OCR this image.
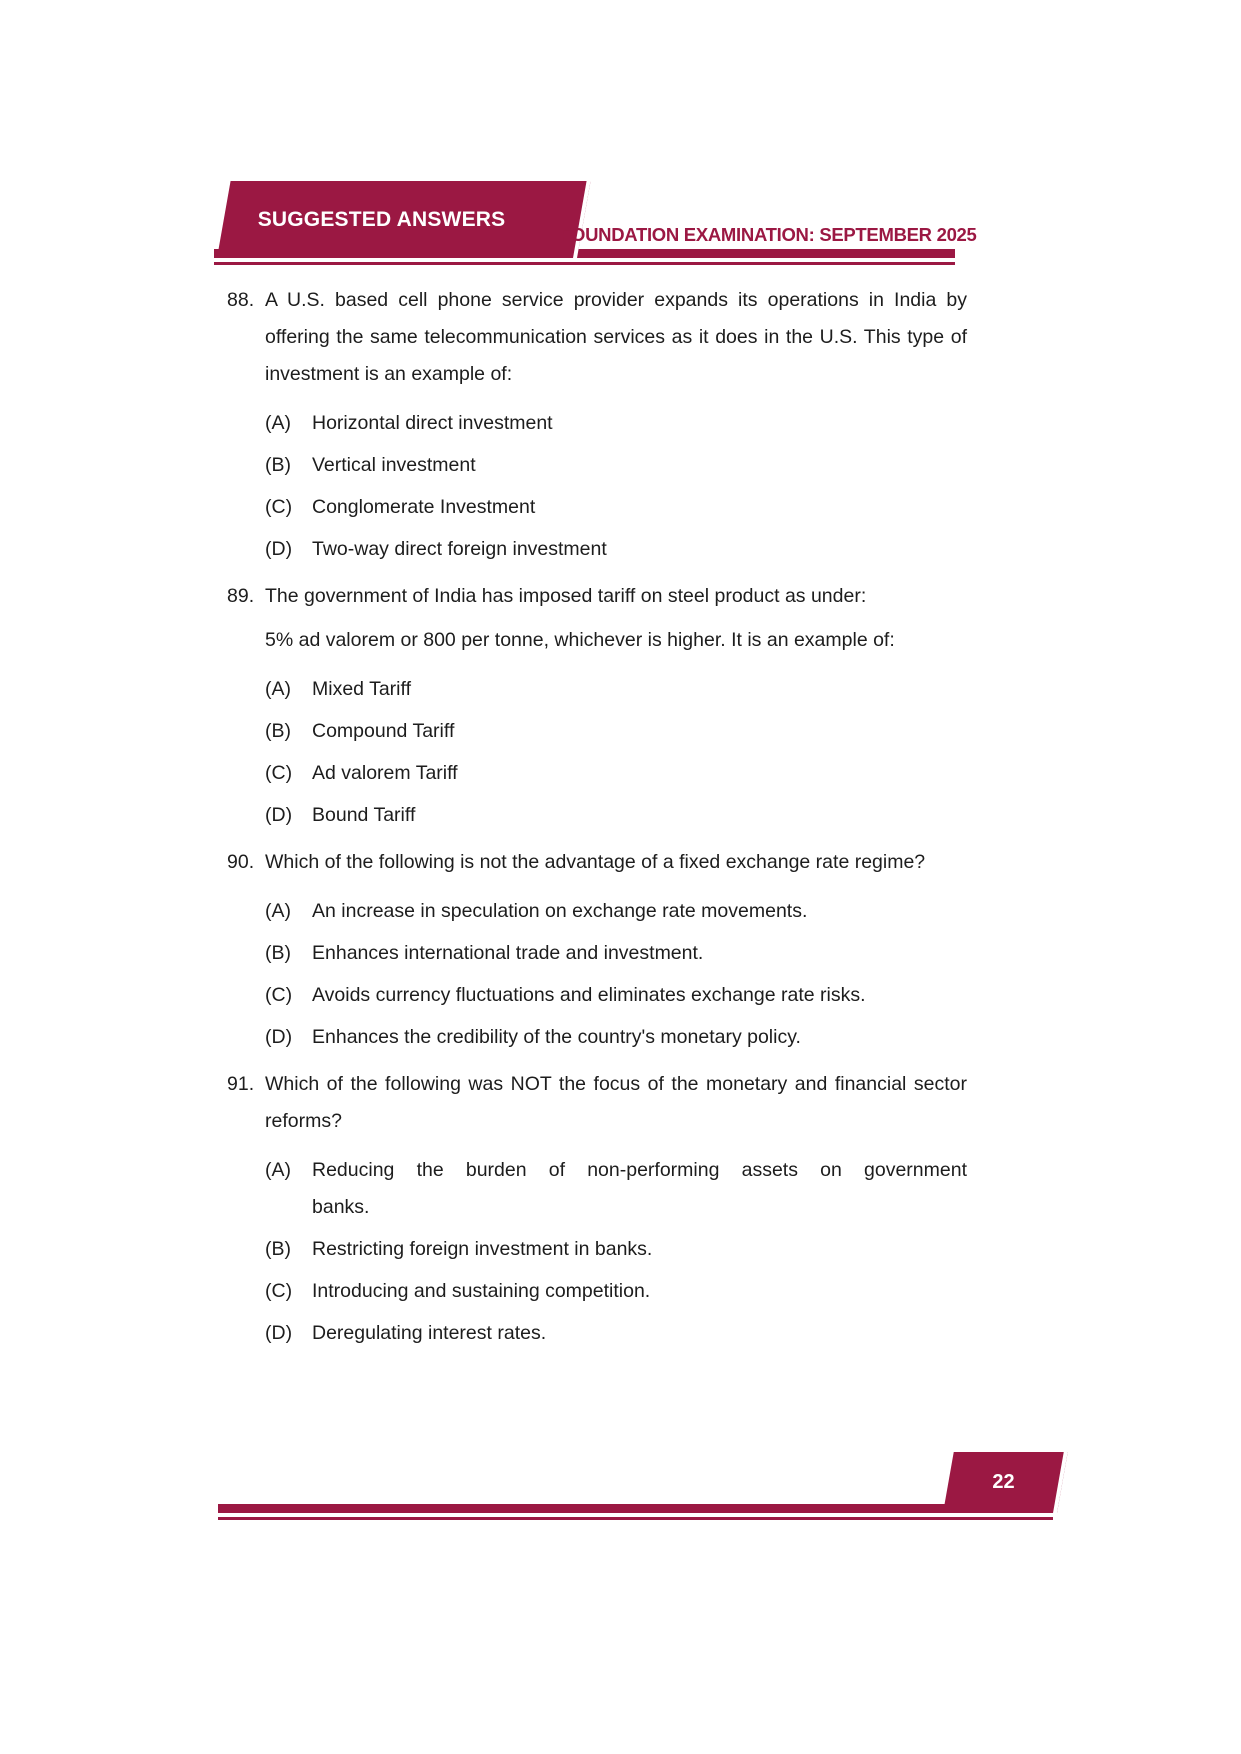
SUGGESTED ANSWERS
FOUNDATION EXAMINATION: SEPTEMBER 2025
88. A U.S. based cell phone service provider expands its operations in India by offering the same telecommunication services as it does in the U.S. This type of investment is an example of:

(A)	Horizontal direct investment
(B)	Vertical investment
(C)	Conglomerate Investment
(D)	Two-way direct foreign investment
89. The government of India has imposed tariff on steel product as under:

5% ad valorem or 800 per tonne, whichever is higher. It is an example of:

(A)	Mixed Tariff
(B)	Compound Tariff
(C)	Ad valorem Tariff
(D)	Bound Tariff
90. Which of the following is not the advantage of a fixed exchange rate regime?

(A)	An increase in speculation on exchange rate movements.
(B)	Enhances international trade and investment.
(C)	Avoids currency fluctuations and eliminates exchange rate risks.
(D)	Enhances the credibility of the country's monetary policy.
91. Which of the following was NOT the focus of the monetary and financial sector reforms?

(A)	Reducing the burden of non-performing assets on government
banks.
(B)	Restricting foreign investment in banks.
(C)	Introducing and sustaining competition.
(D)	Deregulating interest rates.
22
